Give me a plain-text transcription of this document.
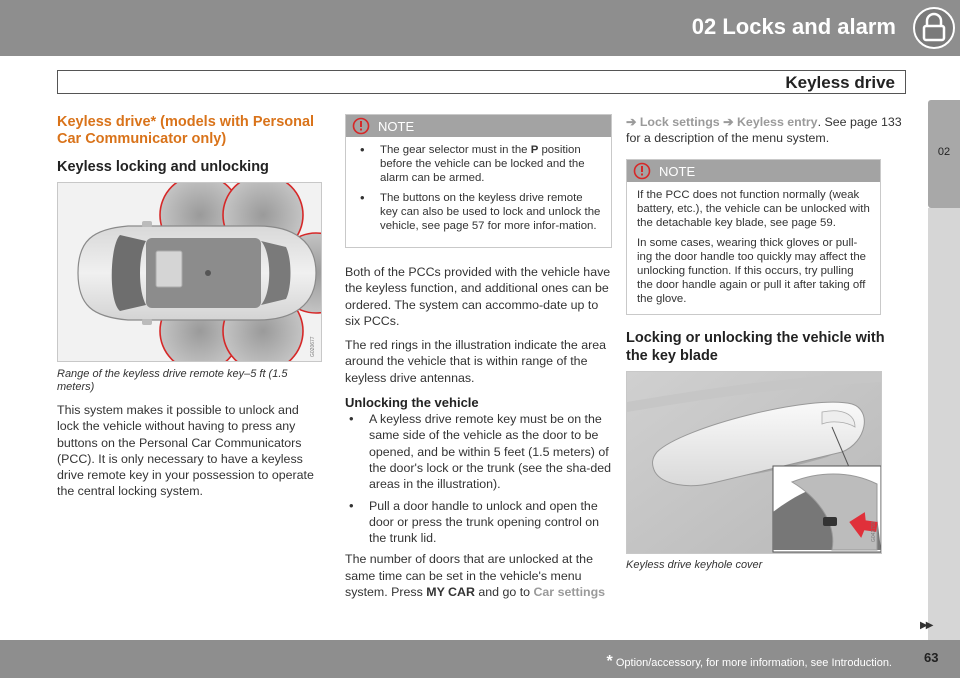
02 Locks and alarm
Keyless drive
02
Keyless drive* (models with Personal Car Communicator only)
Keyless locking and unlocking
G020677
Range of the keyless drive remote key–5 ft (1.5 meters)

This system makes it possible to unlock and lock the vehicle without having to press any buttons on the Personal Car Communicators (PCC). It is only necessary to have a keyless drive remote key in your possession to operate the central locking system.

NOTE
• The gear selector must in the P position before the vehicle can be locked and the alarm can be armed.
• The buttons on the keyless drive remote key can also be used to lock and unlock the vehicle, see page 57 for more infor-mation.

Both of the PCCs provided with the vehicle have the keyless function, and additional ones can be ordered. The system can accommo-date up to six PCCs.

The red rings in the illustration indicate the area around the vehicle that is within range of the keyless drive antennas.

Unlocking the vehicle
• A keyless drive remote key must be on the same side of the vehicle as the door to be opened, and be within 5 feet (1.5 meters) of the door's lock or the trunk (see the sha-ded areas in the illustration).
• Pull a door handle to unlock and open the door or press the trunk opening control on the trunk lid.

The number of doors that are unlocked at the same time can be set in the vehicle's menu system. Press MY CAR and go to Car settings

➔ Lock settings ➔ Keyless entry. See page 133 for a description of the menu system.

NOTE

If the PCC does not function normally (weak battery, etc.), the vehicle can be unlocked with the detachable key blade, see page 59.

In some cases, wearing thick gloves or pull-ing the door handle too quickly may affect the unlocking function. If this occurs, try pulling the door handle again or pull it after taking off the glove.

Locking or unlocking the vehicle with the key blade
G042793
Keyless drive keyhole cover
▶▶
* Option/accessory, for more information, see Introduction. 63
